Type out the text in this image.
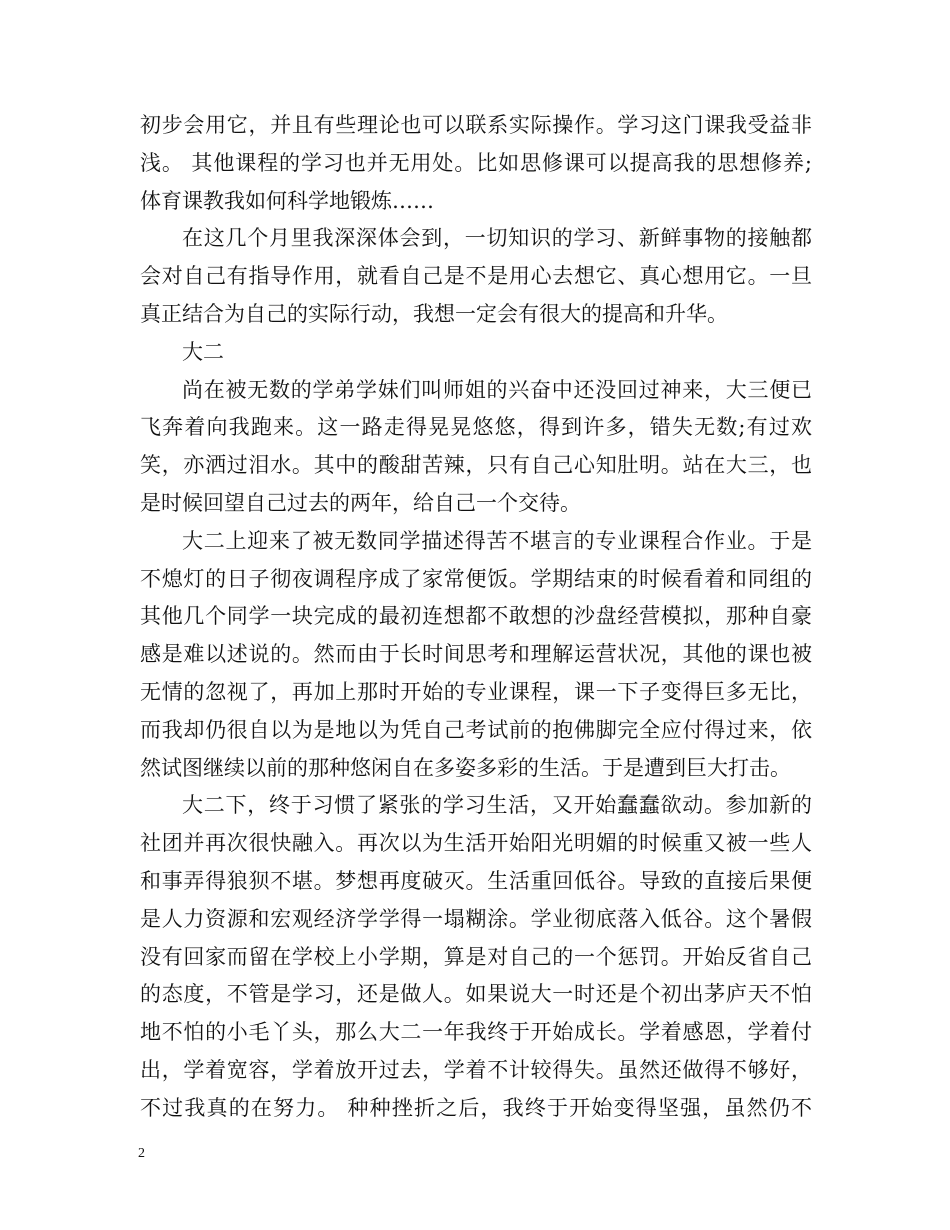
初步会用它，并且有些理论也可以联系实际操作。学习这门课我受益非
浅。 其他课程的学习也并无用处。比如思修课可以提高我的思想修养;
体育课教我如何科学地锻炼……
在这几个月里我深深体会到，一切知识的学习、新鲜事物的接触都
会对自己有指导作用，就看自己是不是用心去想它、真心想用它。一旦
真正结合为自己的实际行动，我想一定会有很大的提高和升华。
大二
尚在被无数的学弟学妹们叫师姐的兴奋中还没回过神来，大三便已
飞奔着向我跑来。这一路走得晃晃悠悠，得到许多，错失无数;有过欢
笑，亦洒过泪水。其中的酸甜苦辣，只有自己心知肚明。站在大三，也
是时候回望自己过去的两年，给自己一个交待。
大二上迎来了被无数同学描述得苦不堪言的专业课程合作业。于是
不熄灯的日子彻夜调程序成了家常便饭。学期结束的时候看着和同组的
其他几个同学一块完成的最初连想都不敢想的沙盘经营模拟，那种自豪
感是难以述说的。然而由于长时间思考和理解运营状况，其他的课也被
无情的忽视了，再加上那时开始的专业课程，课一下子变得巨多无比，
而我却仍很自以为是地以为凭自己考试前的抱佛脚完全应付得过来，依
然试图继续以前的那种悠闲自在多姿多彩的生活。于是遭到巨大打击。
大二下，终于习惯了紧张的学习生活，又开始蠢蠢欲动。参加新的
社团并再次很快融入。再次以为生活开始阳光明媚的时候重又被一些人
和事弄得狼狈不堪。梦想再度破灭。生活重回低谷。导致的直接后果便
是人力资源和宏观经济学学得一塌糊涂。学业彻底落入低谷。这个暑假
没有回家而留在学校上小学期，算是对自己的一个惩罚。开始反省自己
的态度，不管是学习，还是做人。如果说大一时还是个初出茅庐天不怕
地不怕的小毛丫头，那么大二一年我终于开始成长。学着感恩，学着付
出，学着宽容，学着放开过去，学着不计较得失。虽然还做得不够好，
不过我真的在努力。 种种挫折之后，我终于开始变得坚强，虽然仍不
2
